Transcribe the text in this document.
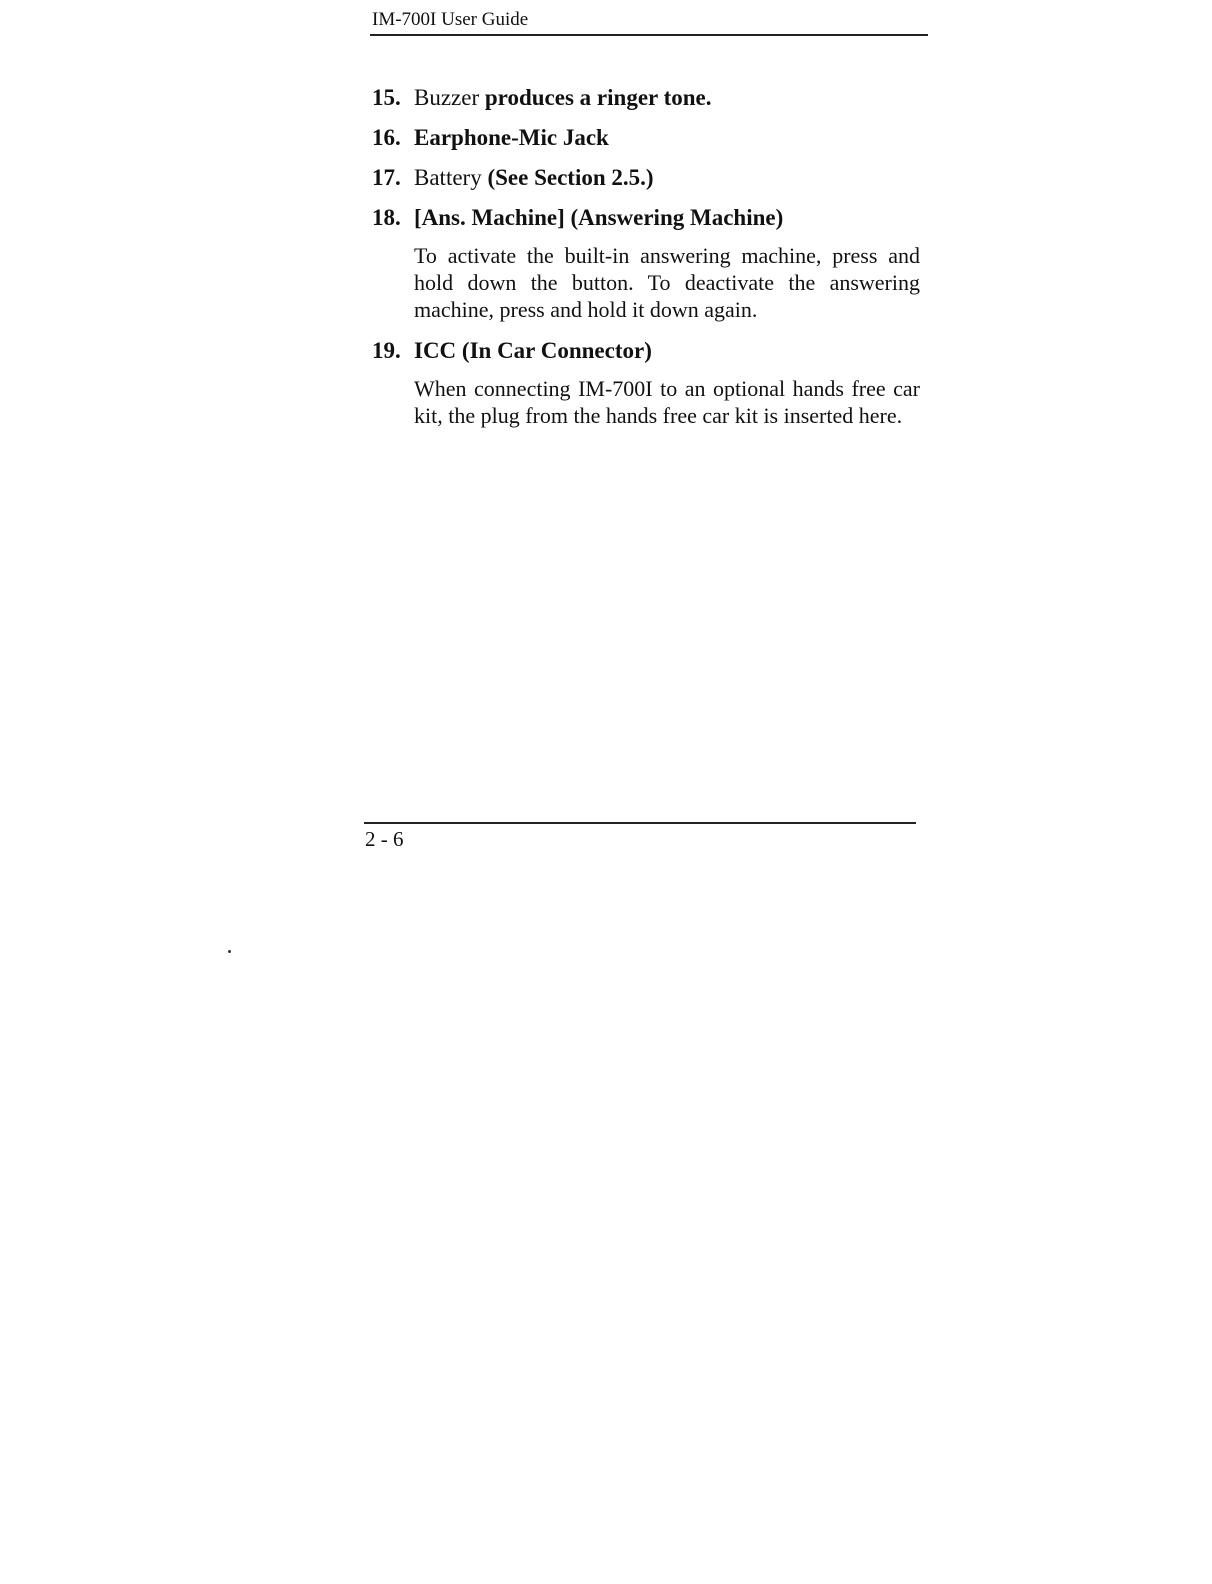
IM-700I User Guide
15. Buzzer produces a ringer tone.
16. Earphone-Mic Jack
17. Battery (See Section 2.5.)
18. [Ans. Machine] (Answering Machine)
To activate the built-in answering machine, press and hold down the button. To deactivate the answering machine, press and hold it down again.
19. ICC (In Car Connector)
When connecting IM-700I to an optional hands free car kit, the plug from the hands free car kit is inserted here.
2 - 6
